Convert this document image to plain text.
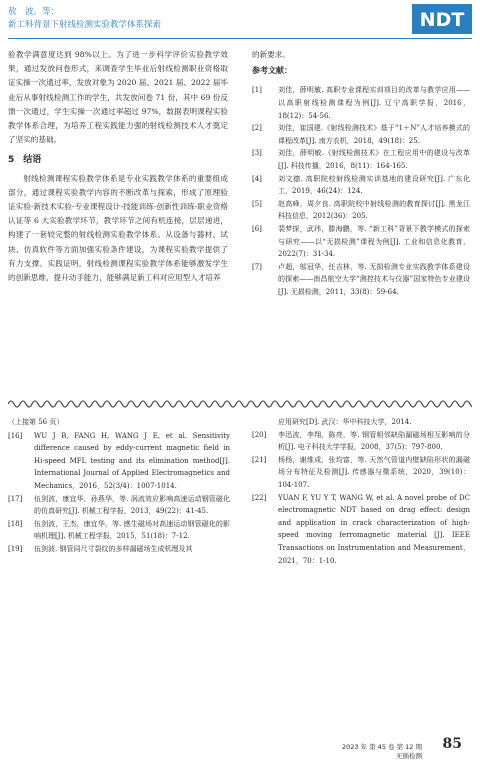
敖　波，等：
新工科背景下射线检测实验教学体系探索	NDT

验教学满意度达到 98%以上。为了进一步科学评价实验教学效果，通过发放问卷形式，来调查学生毕业后射线检测职业资格取证实操一次通过率，发放对象为 2020 届、2021 届、2022 届毕业后从事射线检测工作的学生，共发放问卷 71 份，其中 69 份反馈一次通过，学生实操一次通过率超过 97%，数据表明课程实验教学体系合理，为培养工程实践能力强的射线检测技术人才奠定了坚实的基础。

5　结语

射线检测课程实验教学体系是专业实践教学体系的重要组成部分，通过课程实验教学内容的不断改革与探索，形成了原理验证实验-新技术实验-专业课程设计-技能训练-创新性训练-职业资格认证等 6 大实验教学环节，教学环节之间有机连接，层层递进，构建了一套较完整的射线检测实验教学体系。从设备与器材、试块、仿真软件等方面加强实验条件建设，为课程实验教学提供了有力支撑。实践证明，射线检测课程实验教学体系能够激发学生的创新思维，提升动手能力，能够满足新工科对应用型人才培养

的新要求。

参考文献：
[1]	刘佳，薛明敏. 高职专业课程实训项目的改革与教学应用——以高职射线检测课程为例[J]. 辽宁高职学报，2016，18(12)：54-56.
[2]	刘佳，崔国建.《射线检测技术》基于“1＋N”人才培养模式的课程改革[J]. 南方农机，2018，49(18)：25.
[3]	刘佳，薛明敏.《射线检测技术》在工程应用中的建设与改革[J]. 科技传播，2016，8(11)：164-165.
[4]	刘文德. 高职院校射线检测实训基地的建设研究[J]. 广东化工，2019，46(24)：124.
[5]	赵高峰，周夕良. 高职院校中射线检测的教育探讨[J]. 黑龙江科技信息，2012(36)：205.
[6]	裴梦探，武玮，滕海鹏，等. “新工科”背景下教学模式的探索与研究——以“无损检测”课程为例[J]. 工业和信息化教育，2022(7)：31-34.
[7]	卢超，邬冠华，任吉林，等. 无损检测专业实践教学体系建设的探索——南昌航空大学“测控技术与仪器”国家特色专业建设[J]. 无损检测，2011，33(8)：59-64.
（上接第 56 页）
[16]	WU J B, FANG H, WANG J E, et al. Sensitivity difference caused by eddy-current magnetic field in Hi-speed MFL testing and its elimination method[J]. International Journal of Applied Electromagnetics and Mechanics，2016，52(3/4)：1007-1014.
[17]	伍剑波，康宜华，孙燕华，等. 涡流效应影响高速运动钢管磁化的仿真研究[J]. 机械工程学报，2013，49(22)：41-45.
[18]	伍剑波，王杰，康宜华，等. 感生磁场对高速运动钢管磁化的影响机理[J]. 机械工程学报，2015，51(18)：7-12.
[19]	伍剑波. 钢管同尺寸裂纹的多样漏磁场生成机理及其
应用研究[D]. 武汉：华中科技大学，2014.
[20]	李迅波，李翔，陈亮，等. 钢管相邻缺陷漏磁场相互影响的分析[J]. 电子科技大学学报，2008，37(5)：797-800.
[21]	杨杨，谢维成，张均富，等. 天然气管道内壁缺陷形状的漏磁场分布特征及检测[J]. 传感器与微系统，2020，39(10)：104-107.
[22]	YUAN F, YU Y T, WANG W, et al. A novel probe of DC electromagnetic NDT based on drag effect: design and application in crack characterization of high-speed moving ferromagnetic material [J]. IEEE Transactions on Instrumentation and Measurement，2021，70：1-10.
2023 年 第 45 卷 第 12 期
无损检测
85
